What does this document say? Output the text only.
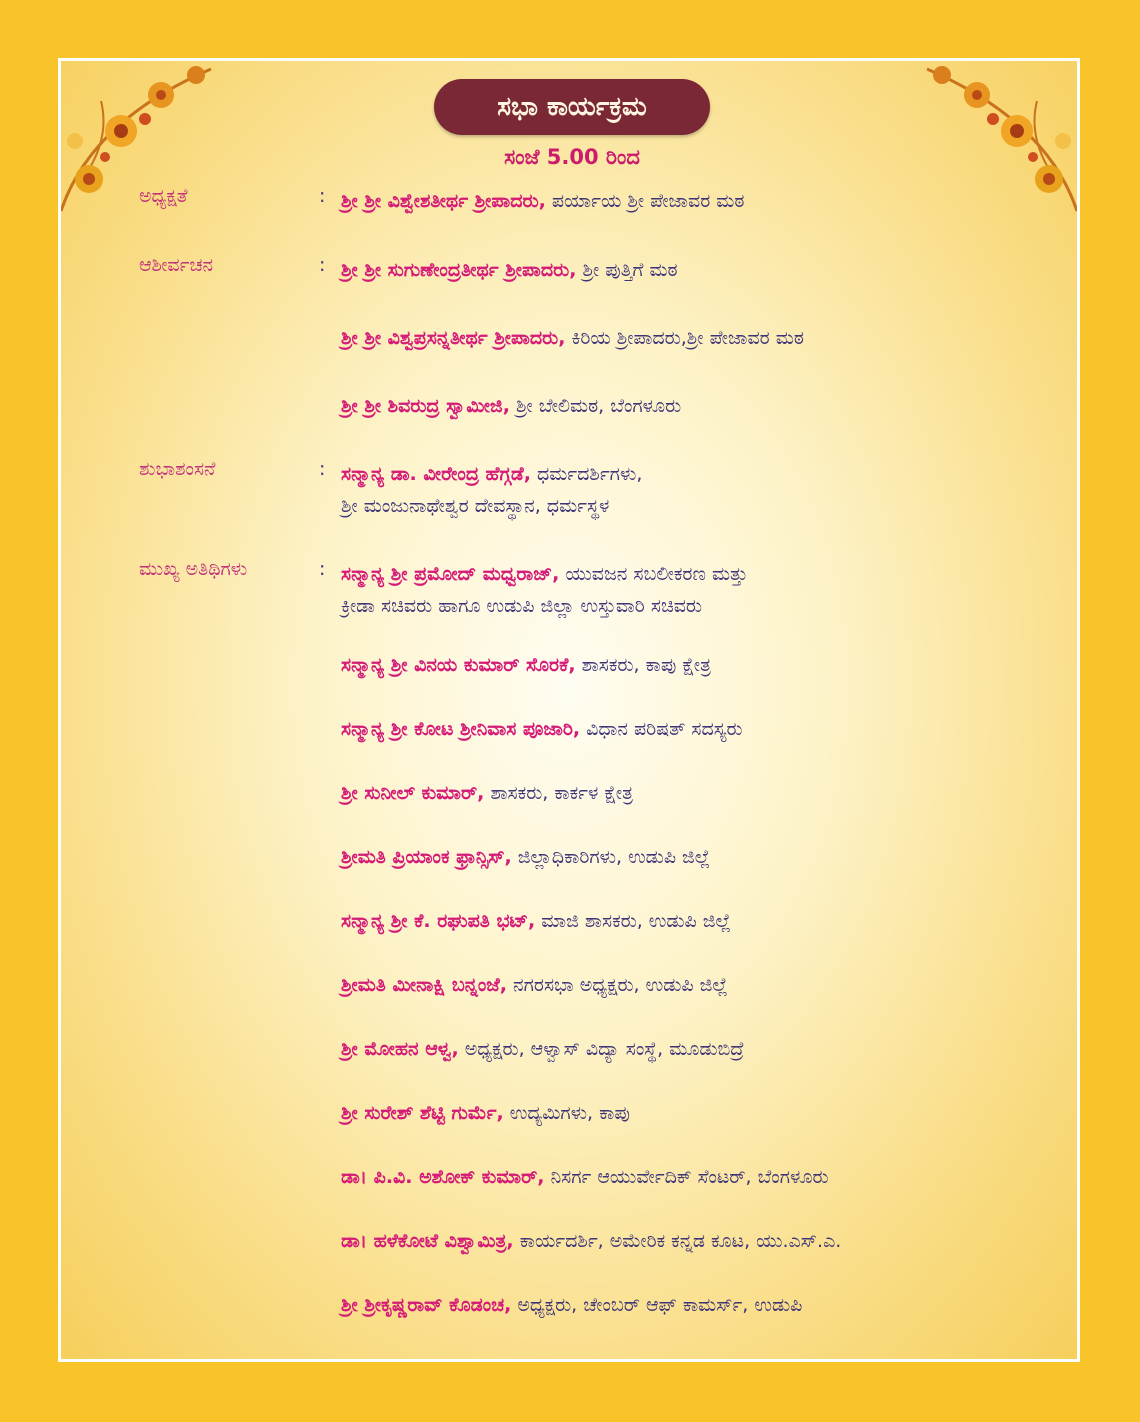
ಸಭಾ ಕಾರ್ಯಕ್ರಮ
ಸಂಜೆ 5.00 ರಿಂದ
ಅಧ್ಯಕ್ಷತೆ	: ಶ್ರೀ ಶ್ರೀ ವಿಶ್ವೇಶತೀರ್ಥ ಶ್ರೀಪಾದರು, ಪರ್ಯಾಯ ಶ್ರೀ ಪೇಜಾವರ ಮಠ
ಆಶೀರ್ವಚನ	: ಶ್ರೀ ಶ್ರೀ ಸುಗುಣೇಂದ್ರತೀರ್ಥ ಶ್ರೀಪಾದರು, ಶ್ರೀ ಪುತ್ತಿಗೆ ಮಠ
ಶ್ರೀ ಶ್ರೀ ವಿಶ್ವಪ್ರಸನ್ನತೀರ್ಥ ಶ್ರೀಪಾದರು, ಕಿರಿಯ ಶ್ರೀಪಾದರು,ಶ್ರೀ ಪೇಜಾವರ ಮಠ
ಶ್ರೀ ಶ್ರೀ ಶಿವರುದ್ರ ಸ್ವಾಮೀಜಿ, ಶ್ರೀ ಬೇಲಿಮಠ, ಬೆಂಗಳೂರು
ಶುಭಾಶಂಸನೆ	: ಸನ್ಮಾನ್ಯ ಡಾ. ವೀರೇಂದ್ರ ಹೆಗ್ಗಡೆ, ಧರ್ಮದರ್ಶಿಗಳು,
ಶ್ರೀ ಮಂಜುನಾಥೇಶ್ವರ ದೇವಸ್ಥಾನ, ಧರ್ಮಸ್ಥಳ
ಮುಖ್ಯ ಅತಿಥಿಗಳು	: ಸನ್ಮಾನ್ಯ ಶ್ರೀ ಪ್ರಮೋದ್ ಮಧ್ವರಾಜ್, ಯುವಜನ ಸಬಲೀಕರಣ ಮತ್ತು
ಕ್ರೀಡಾ ಸಚಿವರು ಹಾಗೂ ಉಡುಪಿ ಜಿಲ್ಲಾ ಉಸ್ತುವಾರಿ ಸಚಿವರು
ಸನ್ಮಾನ್ಯ ಶ್ರೀ ವಿನಯ ಕುಮಾರ್ ಸೊರಕೆ, ಶಾಸಕರು, ಕಾಪು ಕ್ಷೇತ್ರ
ಸನ್ಮಾನ್ಯ ಶ್ರೀ ಕೋಟ ಶ್ರೀನಿವಾಸ ಪೂಜಾರಿ, ವಿಧಾನ ಪರಿಷತ್ ಸದಸ್ಯರು
ಶ್ರೀ ಸುನೀಲ್ ಕುಮಾರ್, ಶಾಸಕರು, ಕಾರ್ಕಳ ಕ್ಷೇತ್ರ
ಶ್ರೀಮತಿ ಪ್ರಿಯಾಂಕ ಫ್ರಾನ್ಸಿಸ್, ಜಿಲ್ಲಾಧಿಕಾರಿಗಳು, ಉಡುಪಿ ಜಿಲ್ಲೆ
ಸನ್ಮಾನ್ಯ ಶ್ರೀ ಕೆ. ರಘುಪತಿ ಭಟ್, ಮಾಜಿ ಶಾಸಕರು, ಉಡುಪಿ ಜಿಲ್ಲೆ
ಶ್ರೀಮತಿ ಮೀನಾಕ್ಷಿ ಬನ್ನಂಜೆ, ನಗರಸಭಾ ಅಧ್ಯಕ್ಷರು, ಉಡುಪಿ ಜಿಲ್ಲೆ
ಶ್ರೀ ಮೋಹನ ಆಳ್ವ, ಅಧ್ಯಕ್ಷರು, ಆಳ್ವಾಸ್ ವಿದ್ಯಾ ಸಂಸ್ಥೆ, ಮೂಡುಬಿದ್ರೆ
ಶ್ರೀ ಸುರೇಶ್ ಶೆಟ್ಟಿ ಗುರ್ಮೆ, ಉದ್ಯಮಿಗಳು, ಕಾಪು
ಡಾ। ಪಿ.ವಿ. ಅಶೋಕ್ ಕುಮಾರ್, ನಿಸರ್ಗ ಆಯುರ್ವೇದಿಕ್ ಸೆಂಟರ್, ಬೆಂಗಳೂರು
ಡಾ। ಹಳೆಕೋಟೆ ವಿಶ್ವಾಮಿತ್ರ, ಕಾರ್ಯದರ್ಶಿ, ಅಮೇರಿಕ ಕನ್ನಡ ಕೂಟ, ಯು.ಎಸ್.ಎ.
ಶ್ರೀ ಶ್ರೀಕೃಷ್ಣರಾವ್ ಕೊಡಂಚ, ಅಧ್ಯಕ್ಷರು, ಚೇಂಬರ್ ಆಫ್ ಕಾಮರ್ಸ್, ಉಡುಪಿ
